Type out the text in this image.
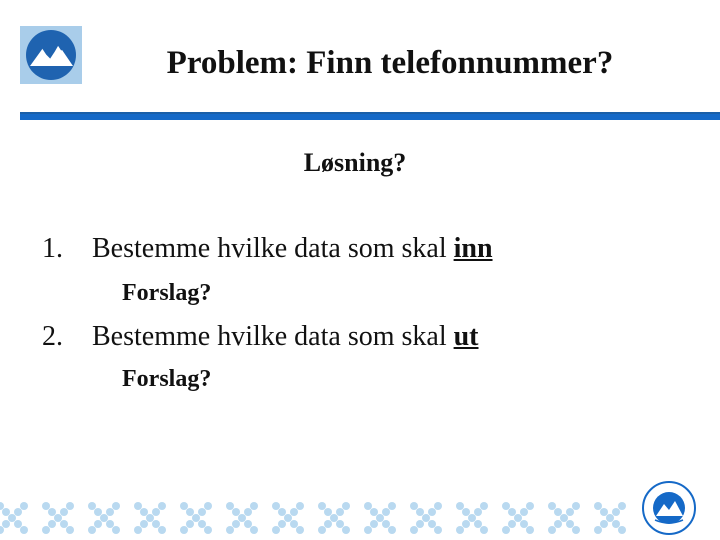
Problem: Finn telefonnummer?
Løsning?
1. Bestemme hvilke data som skal inn
Forslag?
2. Bestemme hvilke data som skal ut
Forslag?
